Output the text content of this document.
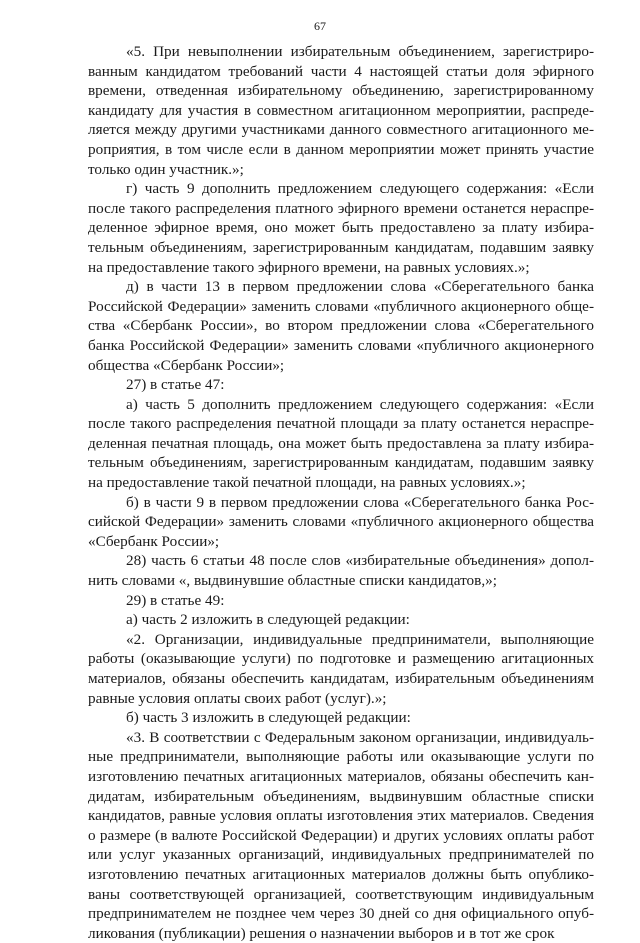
67

«5. При невыполнении избирательным объединением, зарегистрированным кандидатом требований части 4 настоящей статьи доля эфирного времени, отведенная избирательному объединению, зарегистрированному кандидату для участия в совместном агитационном мероприятии, распределяется между другими участниками данного совместного агитационного мероприятия, в том числе если в данном мероприятии может принять участие только один участник.»;

г) часть 9 дополнить предложением следующего содержания: «Если после такого распределения платного эфирного времени останется нераспределенное эфирное время, оно может быть предоставлено за плату избирательным объединениям, зарегистрированным кандидатам, подавшим заявку на предоставление такого эфирного времени, на равных условиях.»;

д) в части 13 в первом предложении слова «Сберегательного банка Российской Федерации» заменить словами «публичного акционерного общества «Сбербанк России», во втором предложении слова «Сберегательного банка Российской Федерации» заменить словами «публичного акционерного общества «Сбербанк России»;

27) в статье 47:

а) часть 5 дополнить предложением следующего содержания: «Если после такого распределения печатной площади за плату останется нераспределенная печатная площадь, она может быть предоставлена за плату избирательным объединениям, зарегистрированным кандидатам, подавшим заявку на предоставление такой печатной площади, на равных условиях.»;

б) в части 9 в первом предложении слова «Сберегательного банка Российской Федерации» заменить словами «публичного акционерного общества «Сбербанк России»;

28) часть 6 статьи 48 после слов «избирательные объединения» дополнить словами «, выдвинувшие областные списки кандидатов,»;

29) в статье 49:

а) часть 2 изложить в следующей редакции:

«2. Организации, индивидуальные предприниматели, выполняющие работы (оказывающие услуги) по подготовке и размещению агитационных материалов, обязаны обеспечить кандидатам, избирательным объединениям равные условия оплаты своих работ (услуг).»;

б) часть 3 изложить в следующей редакции:

«3. В соответствии с Федеральным законом организации, индивидуальные предприниматели, выполняющие работы или оказывающие услуги по изготовлению печатных агитационных материалов, обязаны обеспечить кандидатам, избирательным объединениям, выдвинувшим областные списки кандидатов, равные условия оплаты изготовления этих материалов. Сведения о размере (в валюте Российской Федерации) и других условиях оплаты работ или услуг указанных организаций, индивидуальных предпринимателей по изготовлению печатных агитационных материалов должны быть опубликованы соответствующей организацией, соответствующим индивидуальным предпринимателем не позднее чем через 30 дней со дня официального опубликования (публикации) решения о назначении выборов и в тот же срок
